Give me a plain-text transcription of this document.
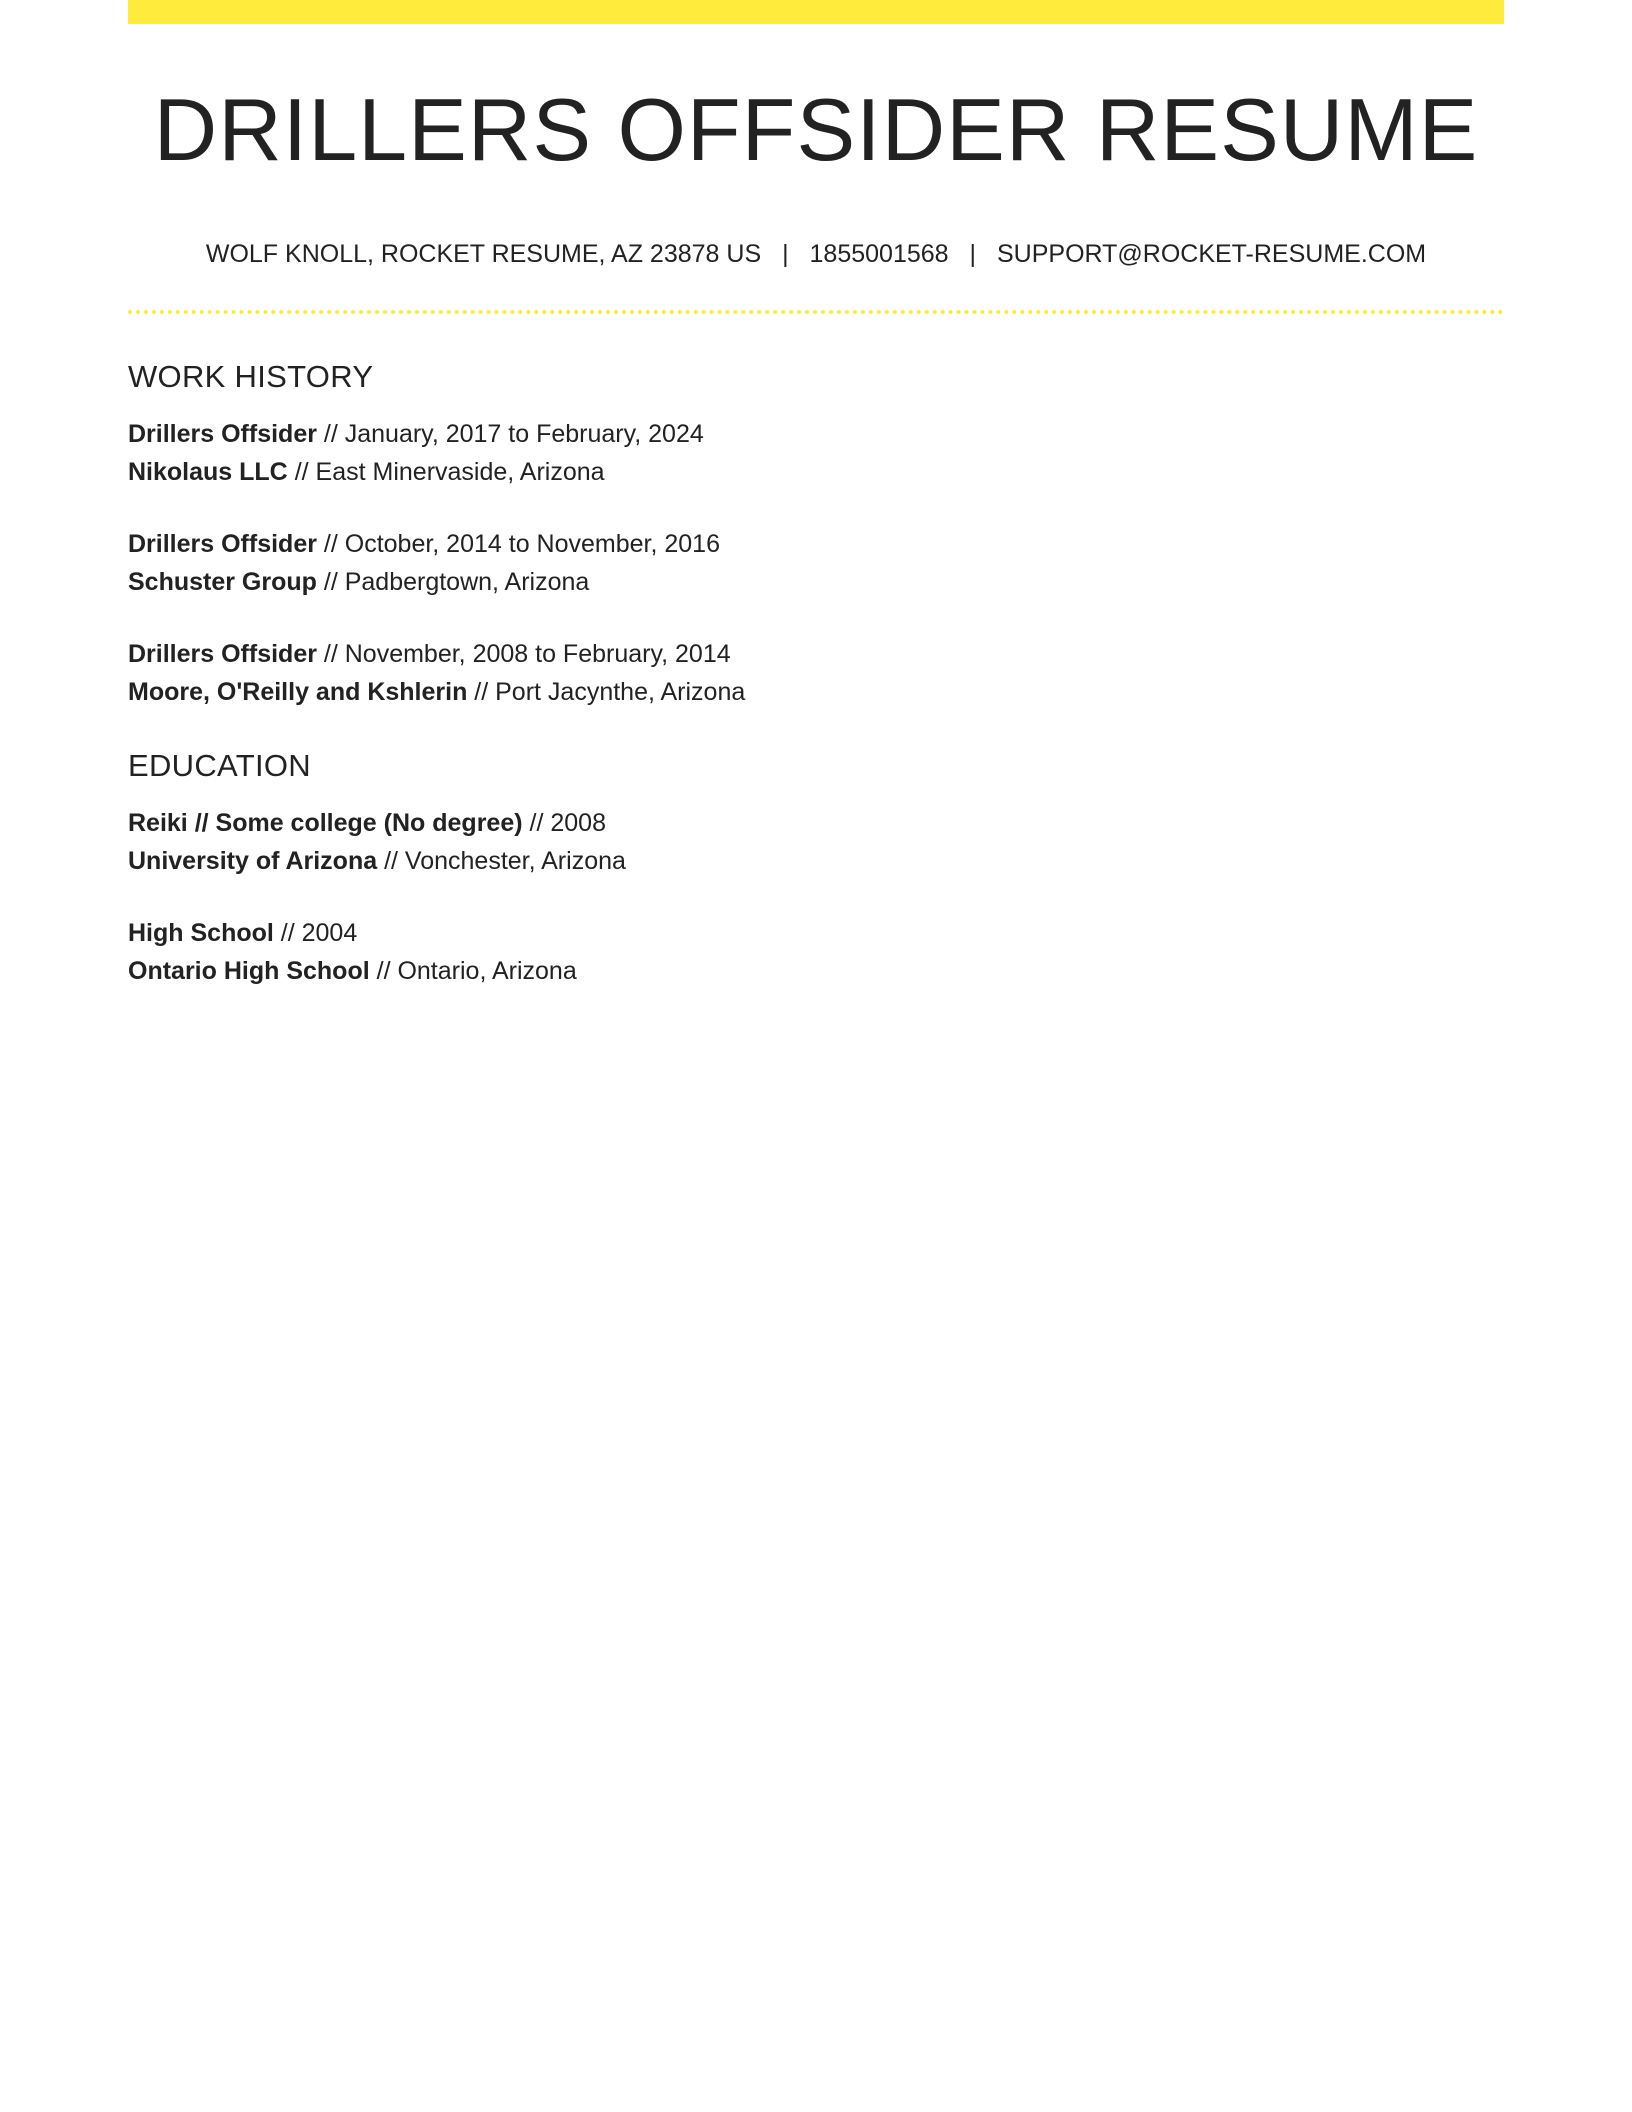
DRILLERS OFFSIDER RESUME
WOLF KNOLL, ROCKET RESUME, AZ 23878 US | 1855001568 | SUPPORT@ROCKET-RESUME.COM
WORK HISTORY
Drillers Offsider // January, 2017 to February, 2024
Nikolaus LLC // East Minervaside, Arizona
Drillers Offsider // October, 2014 to November, 2016
Schuster Group // Padbergtown, Arizona
Drillers Offsider // November, 2008 to February, 2014
Moore, O'Reilly and Kshlerin // Port Jacynthe, Arizona
EDUCATION
Reiki // Some college (No degree) // 2008
University of Arizona // Vonchester, Arizona
High School // 2004
Ontario High School // Ontario, Arizona
